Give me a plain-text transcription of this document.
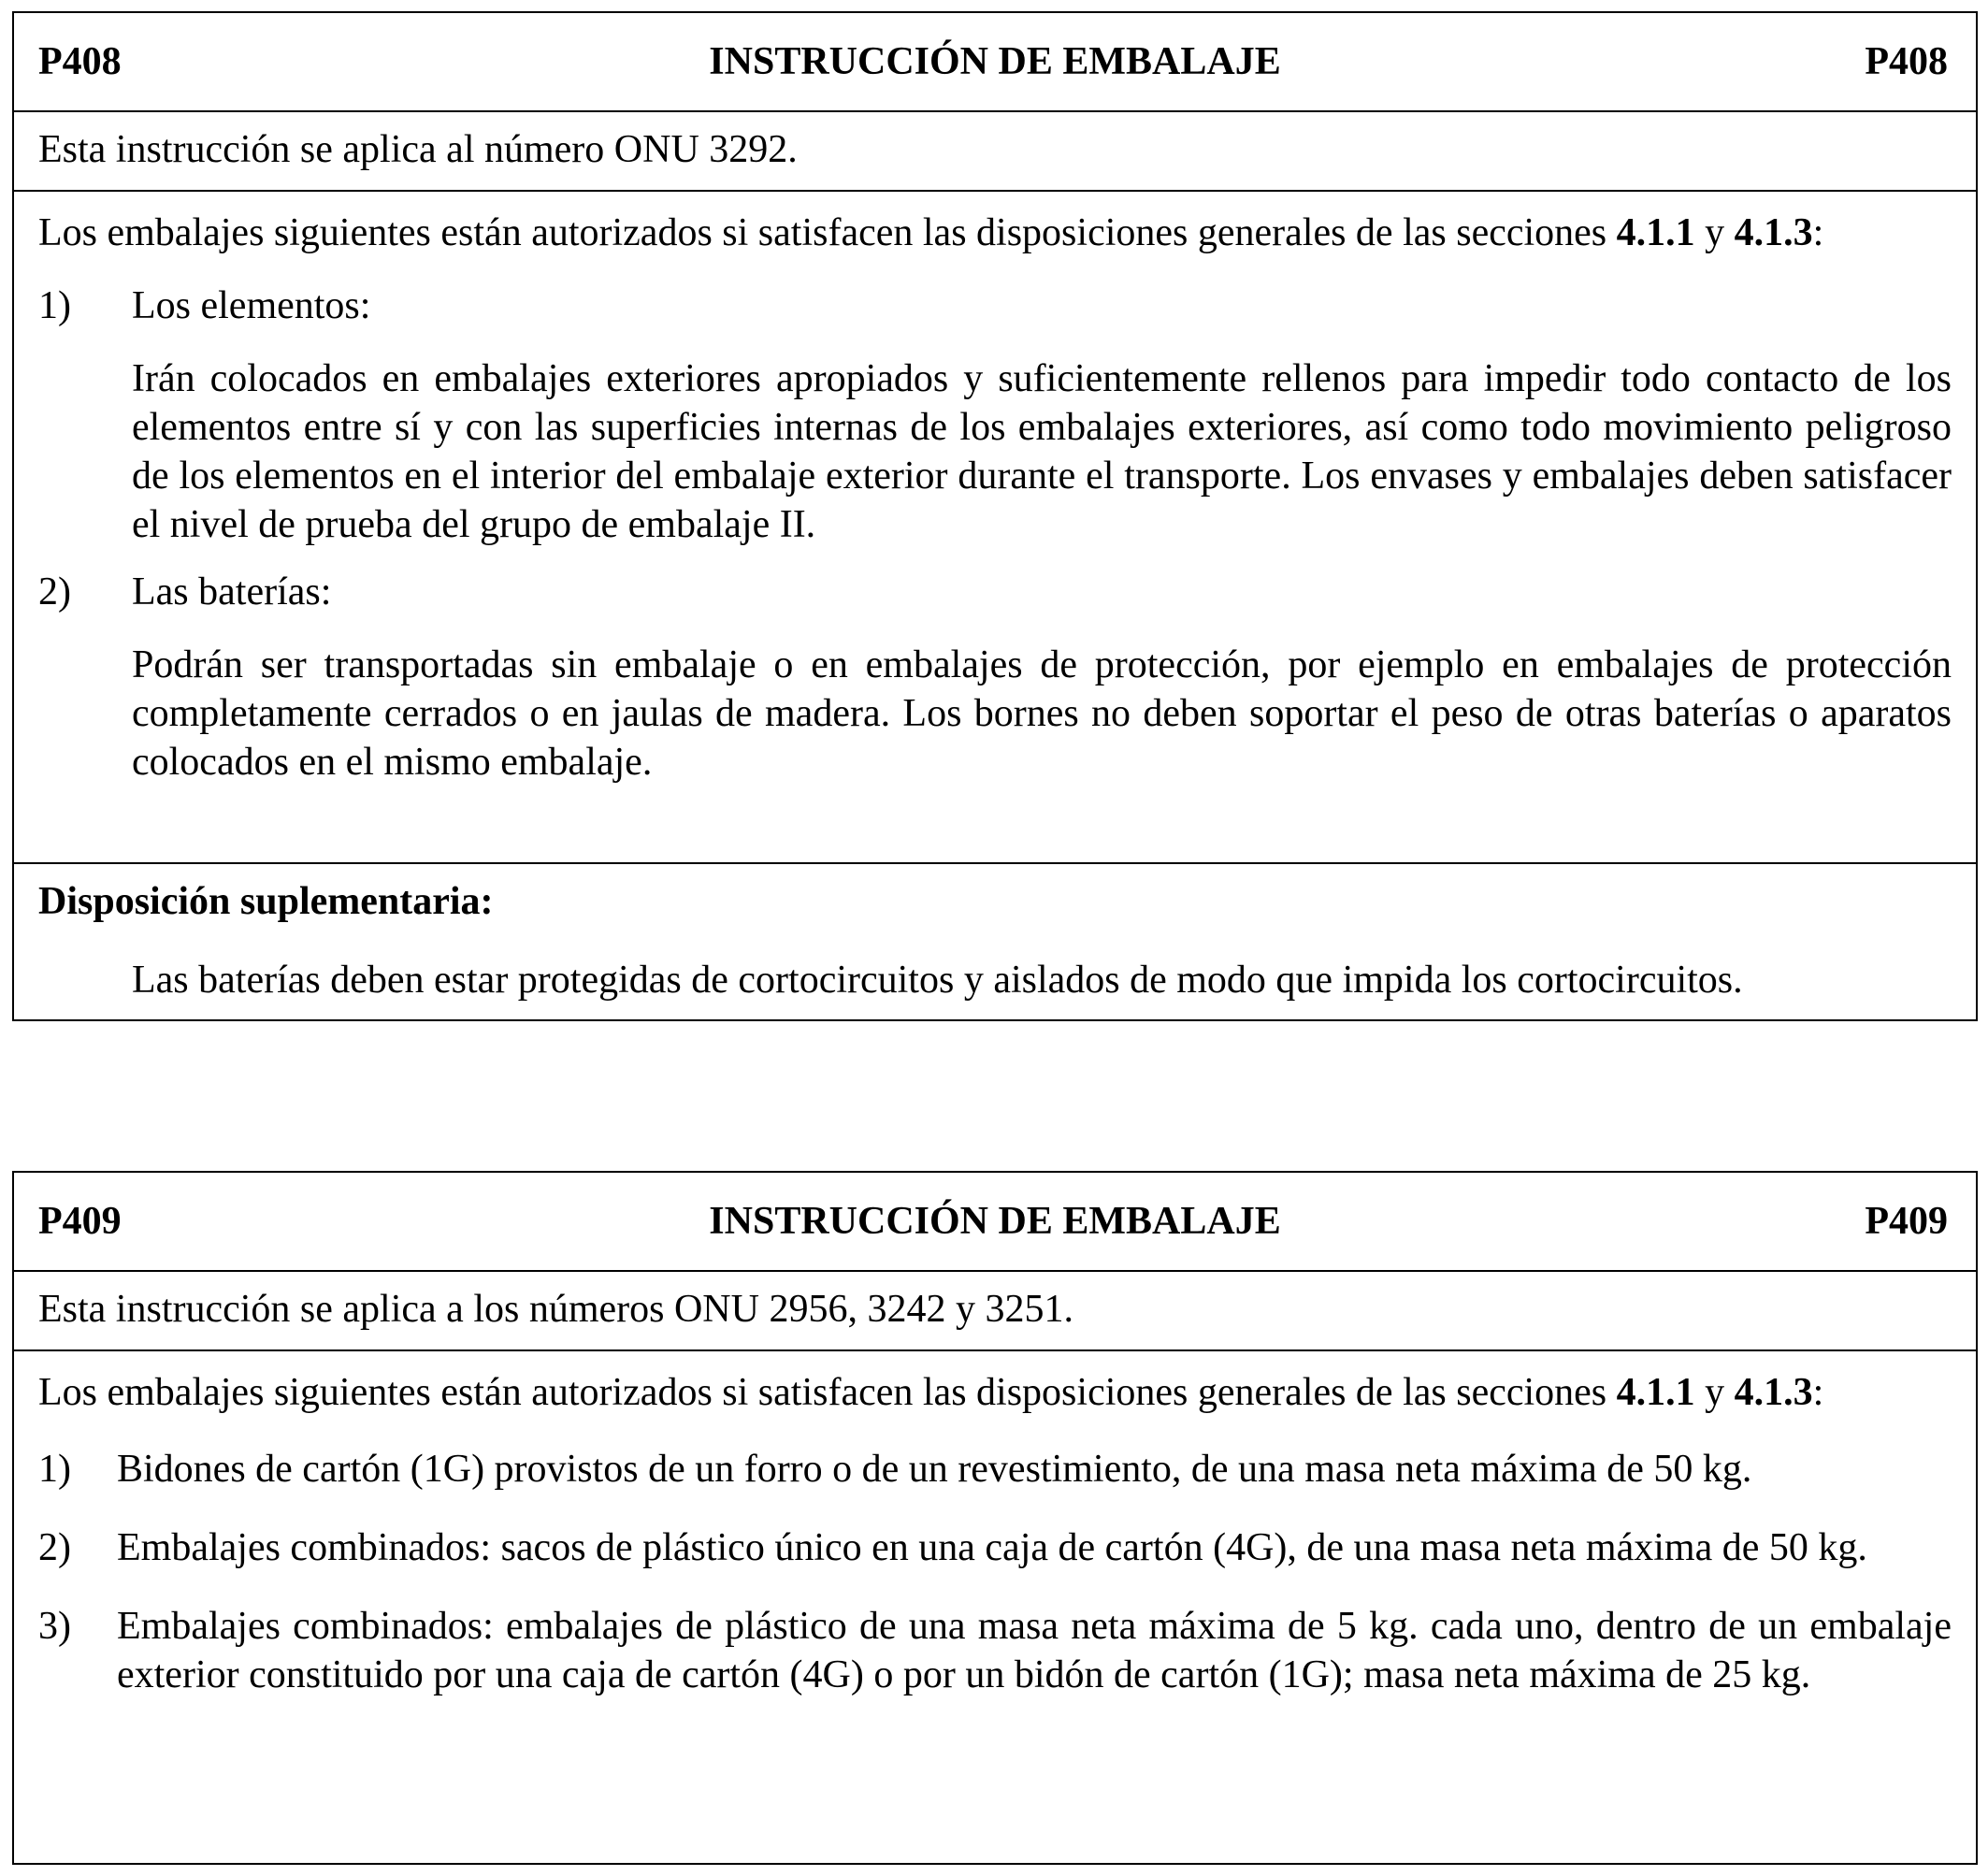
P408	INSTRUCCIÓN DE EMBALAJE	P408
Esta instrucción se aplica al número ONU 3292.
Los embalajes siguientes están autorizados si satisfacen las disposiciones generales de las secciones 4.1.1 y 4.1.3:
1) Los elementos:
Irán colocados en embalajes exteriores apropiados y suficientemente rellenos para impedir todo contacto de los elementos entre sí y con las superficies internas de los embalajes exteriores, así como todo movimiento peligroso de los elementos en el interior del embalaje exterior durante el transporte. Los envases y embalajes deben satisfacer el nivel de prueba del grupo de embalaje II.
2) Las baterías:
Podrán ser transportadas sin embalaje o en embalajes de protección, por ejemplo en embalajes de protección completamente cerrados o en jaulas de madera. Los bornes no deben soportar el peso de otras baterías o aparatos colocados en el mismo embalaje.
Disposición suplementaria:
Las baterías deben estar protegidas de cortocircuitos y aislados de modo que impida los cortocircuitos.
P409	INSTRUCCIÓN DE EMBALAJE	P409
Esta instrucción se aplica a los números ONU 2956, 3242 y 3251.
Los embalajes siguientes están autorizados si satisfacen las disposiciones generales de las secciones 4.1.1 y 4.1.3:
1) Bidones de cartón (1G) provistos de un forro o de un revestimiento, de una masa neta máxima de 50 kg.
2) Embalajes combinados: sacos de plástico único en una caja de cartón (4G), de una masa neta máxima de 50 kg.
3) Embalajes combinados: embalajes de plástico de una masa neta máxima de 5 kg. cada uno, dentro de un embalaje exterior constituido por una caja de cartón (4G) o por un bidón de cartón (1G); masa neta máxima de 25 kg.
